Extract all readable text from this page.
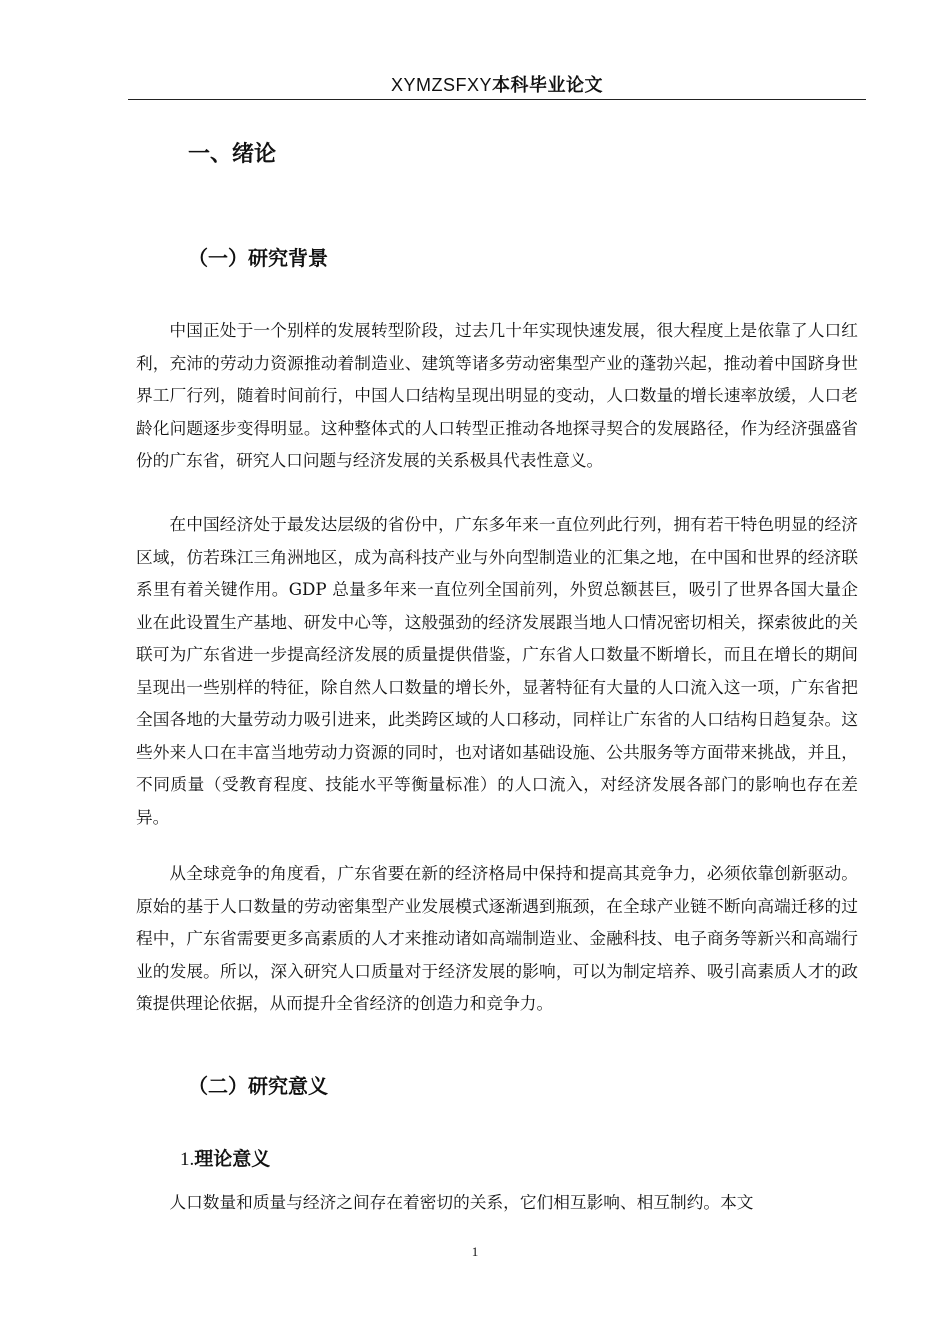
XYMZSFXY本科毕业论文
一、绪论
（一）研究背景

中国正处于一个别样的发展转型阶段，过去几十年实现快速发展，很大程度上是依靠了人口红利，充沛的劳动力资源推动着制造业、建筑等诸多劳动密集型产业的蓬勃兴起，推动着中国跻身世界工厂行列，随着时间前行，中国人口结构呈现出明显的变动，人口数量的增长速率放缓，人口老龄化问题逐步变得明显。这种整体式的人口转型正推动各地探寻契合的发展路径，作为经济强盛省份的广东省，研究人口问题与经济发展的关系极具代表性意义。

在中国经济处于最发达层级的省份中，广东多年来一直位列此行列，拥有若干特色明显的经济区域，仿若珠江三角洲地区，成为高科技产业与外向型制造业的汇集之地，在中国和世界的经济联系里有着关键作用。GDP 总量多年来一直位列全国前列，外贸总额甚巨，吸引了世界各国大量企业在此设置生产基地、研发中心等，这般强劲的经济发展跟当地人口情况密切相关，探索彼此的关联可为广东省进一步提高经济发展的质量提供借鉴，广东省人口数量不断增长，而且在增长的期间呈现出一些别样的特征，除自然人口数量的增长外，显著特征有大量的人口流入这一项，广东省把全国各地的大量劳动力吸引进来，此类跨区域的人口移动，同样让广东省的人口结构日趋复杂。这些外来人口在丰富当地劳动力资源的同时，也对诸如基础设施、公共服务等方面带来挑战，并且，不同质量（受教育程度、技能水平等衡量标准）的人口流入，对经济发展各部门的影响也存在差异。

从全球竞争的角度看，广东省要在新的经济格局中保持和提高其竞争力，必须依靠创新驱动。原始的基于人口数量的劳动密集型产业发展模式逐渐遇到瓶颈，在全球产业链不断向高端迁移的过程中，广东省需要更多高素质的人才来推动诸如高端制造业、金融科技、电子商务等新兴和高端行业的发展。所以，深入研究人口质量对于经济发展的影响，可以为制定培养、吸引高素质人才的政策提供理论依据，从而提升全省经济的创造力和竞争力。

（二）研究意义
1.理论意义

人口数量和质量与经济之间存在着密切的关系，它们相互影响、相互制约。本文

1
